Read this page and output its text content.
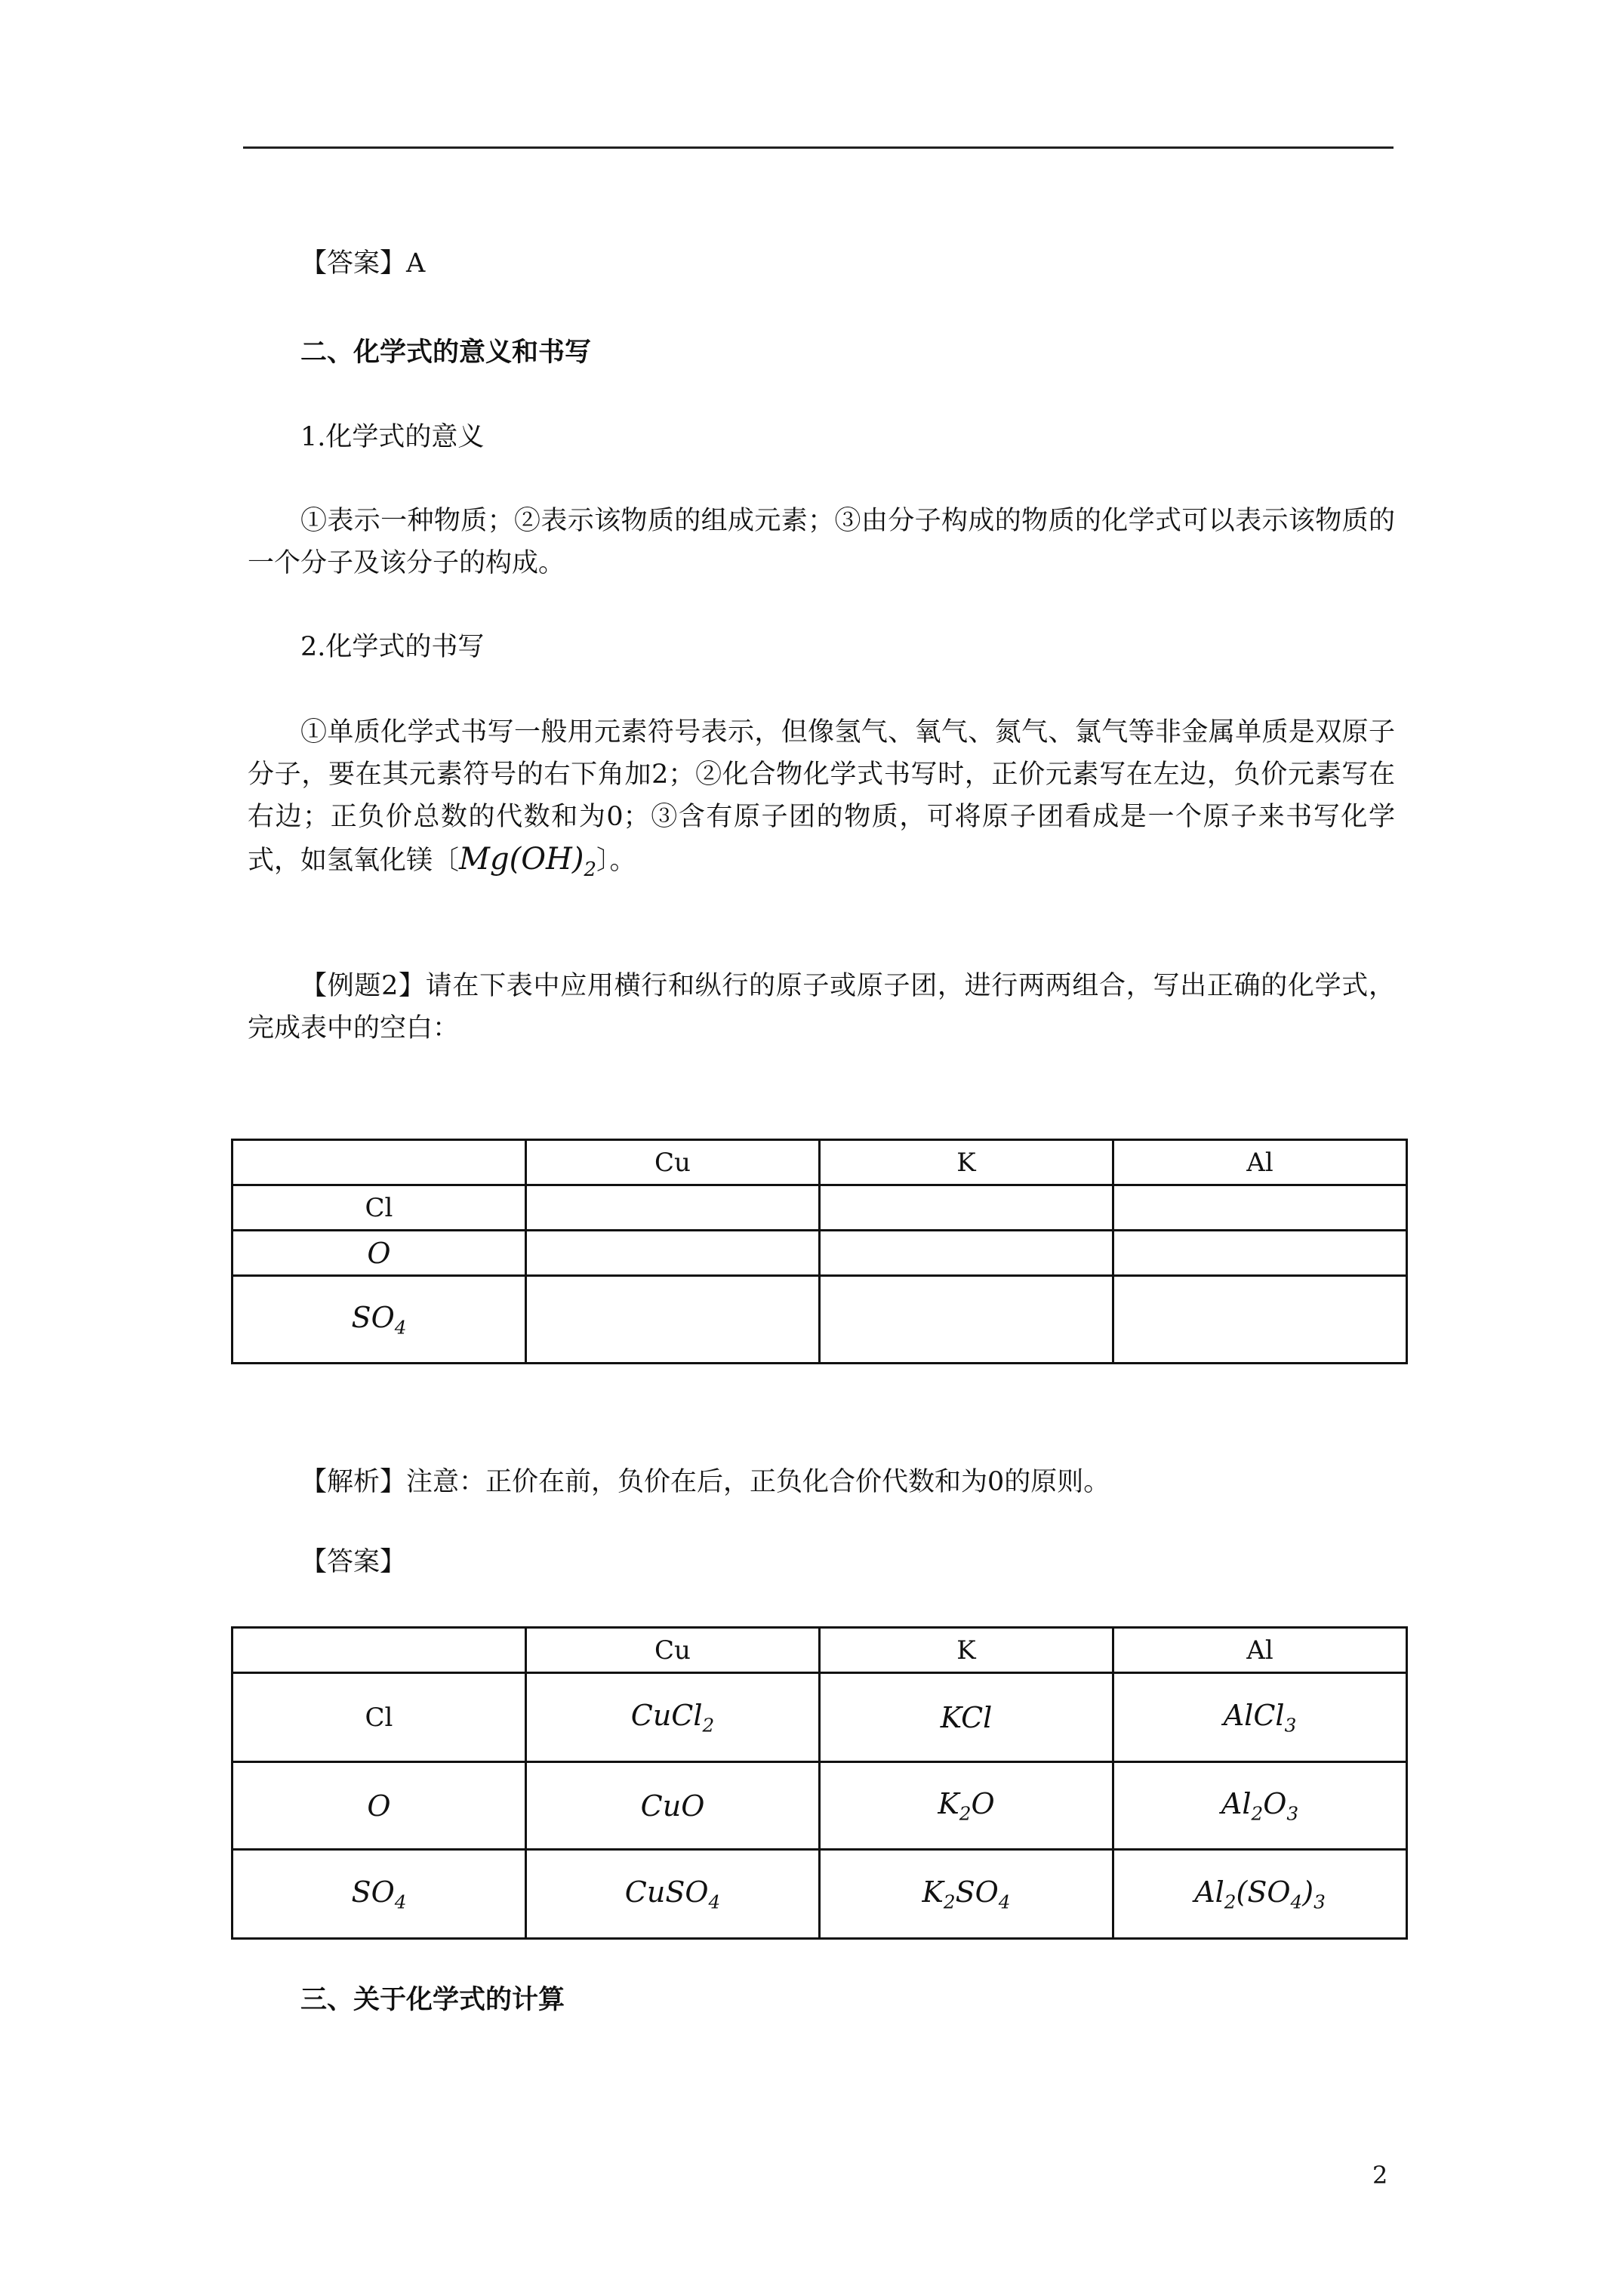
【答案】A
二、化学式的意义和书写
1.化学式的意义
①表示一种物质；②表示该物质的组成元素；③由分子构成的物质的化学式可以表示该物质的一个分子及该分子的构成。
2.化学式的书写
①单质化学式书写一般用元素符号表示，但像氢气、氧气、氮气、氯气等非金属单质是双原子分子，要在其元素符号的右下角加2；②化合物化学式书写时，正价元素写在左边，负价元素写在右边；正负价总数的代数和为0；③含有原子团的物质，可将原子团看成是一个原子来书写化学式，如氢氧化镁〔$Mg(OH)_2$〕。
【例题2】请在下表中应用横行和纵行的原子或原子团，进行两两组合，写出正确的化学式，完成表中的空白：
	Cu	K	Al
Cl			
O			
$SO_4$			
【解析】注意：正价在前，负价在后，正负化合价代数和为0的原则。
【答案】
	Cu	K	Al
Cl	CuCl$_2$	KCl	AlCl$_3$
O	CuO	$K_2O$	$Al_2O_3$
$SO_4$	CuSO$_4$	$K_2SO_4$	$Al_2(SO_4)_3$
三、关于化学式的计算
2
